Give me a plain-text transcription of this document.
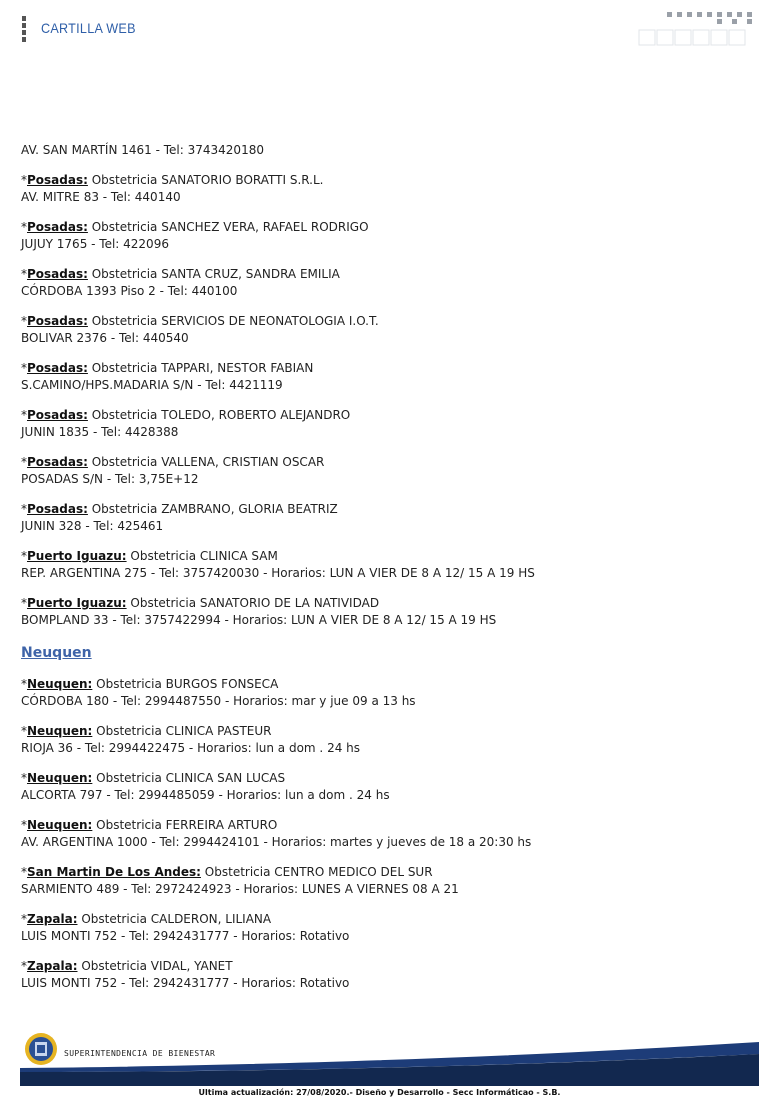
CARTILLA WEB
AV. SAN MARTÍN 1461 - Tel: 3743420180
*Posadas: Obstetricia SANATORIO BORATTI S.R.L.
AV. MITRE 83 - Tel: 440140
*Posadas: Obstetricia SANCHEZ VERA, RAFAEL RODRIGO
JUJUY 1765 - Tel: 422096
*Posadas: Obstetricia SANTA CRUZ, SANDRA EMILIA
CÓRDOBA 1393 Piso 2 - Tel: 440100
*Posadas: Obstetricia SERVICIOS DE NEONATOLOGIA I.O.T.
BOLIVAR 2376 - Tel: 440540
*Posadas: Obstetricia TAPPARI, NESTOR FABIAN
S.CAMINO/HPS.MADARIA S/N - Tel: 4421119
*Posadas: Obstetricia TOLEDO, ROBERTO ALEJANDRO
JUNIN 1835 - Tel: 4428388
*Posadas: Obstetricia VALLENA, CRISTIAN OSCAR
POSADAS S/N - Tel: 3,75E+12
*Posadas: Obstetricia ZAMBRANO, GLORIA BEATRIZ
JUNIN 328 - Tel: 425461
*Puerto Iguazu: Obstetricia CLINICA SAM
REP. ARGENTINA 275 - Tel: 3757420030 - Horarios: LUN A VIER DE 8 A 12/ 15 A 19 HS
*Puerto Iguazu: Obstetricia SANATORIO DE LA NATIVIDAD
BOMPLAND 33 - Tel: 3757422994 - Horarios: LUN A VIER DE 8 A 12/ 15 A 19 HS
Neuquen
*Neuquen: Obstetricia BURGOS FONSECA
CÓRDOBA 180 - Tel: 2994487550 - Horarios: mar y jue 09 a 13 hs
*Neuquen: Obstetricia CLINICA PASTEUR
RIOJA 36 - Tel: 2994422475 - Horarios: lun a dom . 24 hs
*Neuquen: Obstetricia CLINICA SAN LUCAS
ALCORTA 797 - Tel: 2994485059 - Horarios: lun a dom . 24 hs
*Neuquen: Obstetricia FERREIRA ARTURO
AV. ARGENTINA 1000 - Tel: 2994424101 - Horarios: martes y jueves de 18 a 20:30 hs
*San Martin De Los Andes: Obstetricia CENTRO MEDICO DEL SUR
SARMIENTO 489 - Tel: 2972424923 - Horarios: LUNES A VIERNES 08 A 21
*Zapala: Obstetricia CALDERON, LILIANA
LUIS MONTI 752 - Tel: 2942431777 - Horarios: Rotativo
*Zapala: Obstetricia VIDAL, YANET
LUIS MONTI 752 - Tel: 2942431777 - Horarios: Rotativo
SUPERINTENDENCIA DE BIENESTAR
Ultima actualización: 27/08/2020.- Diseño y Desarrollo - Secc Informáticao - S.B.
